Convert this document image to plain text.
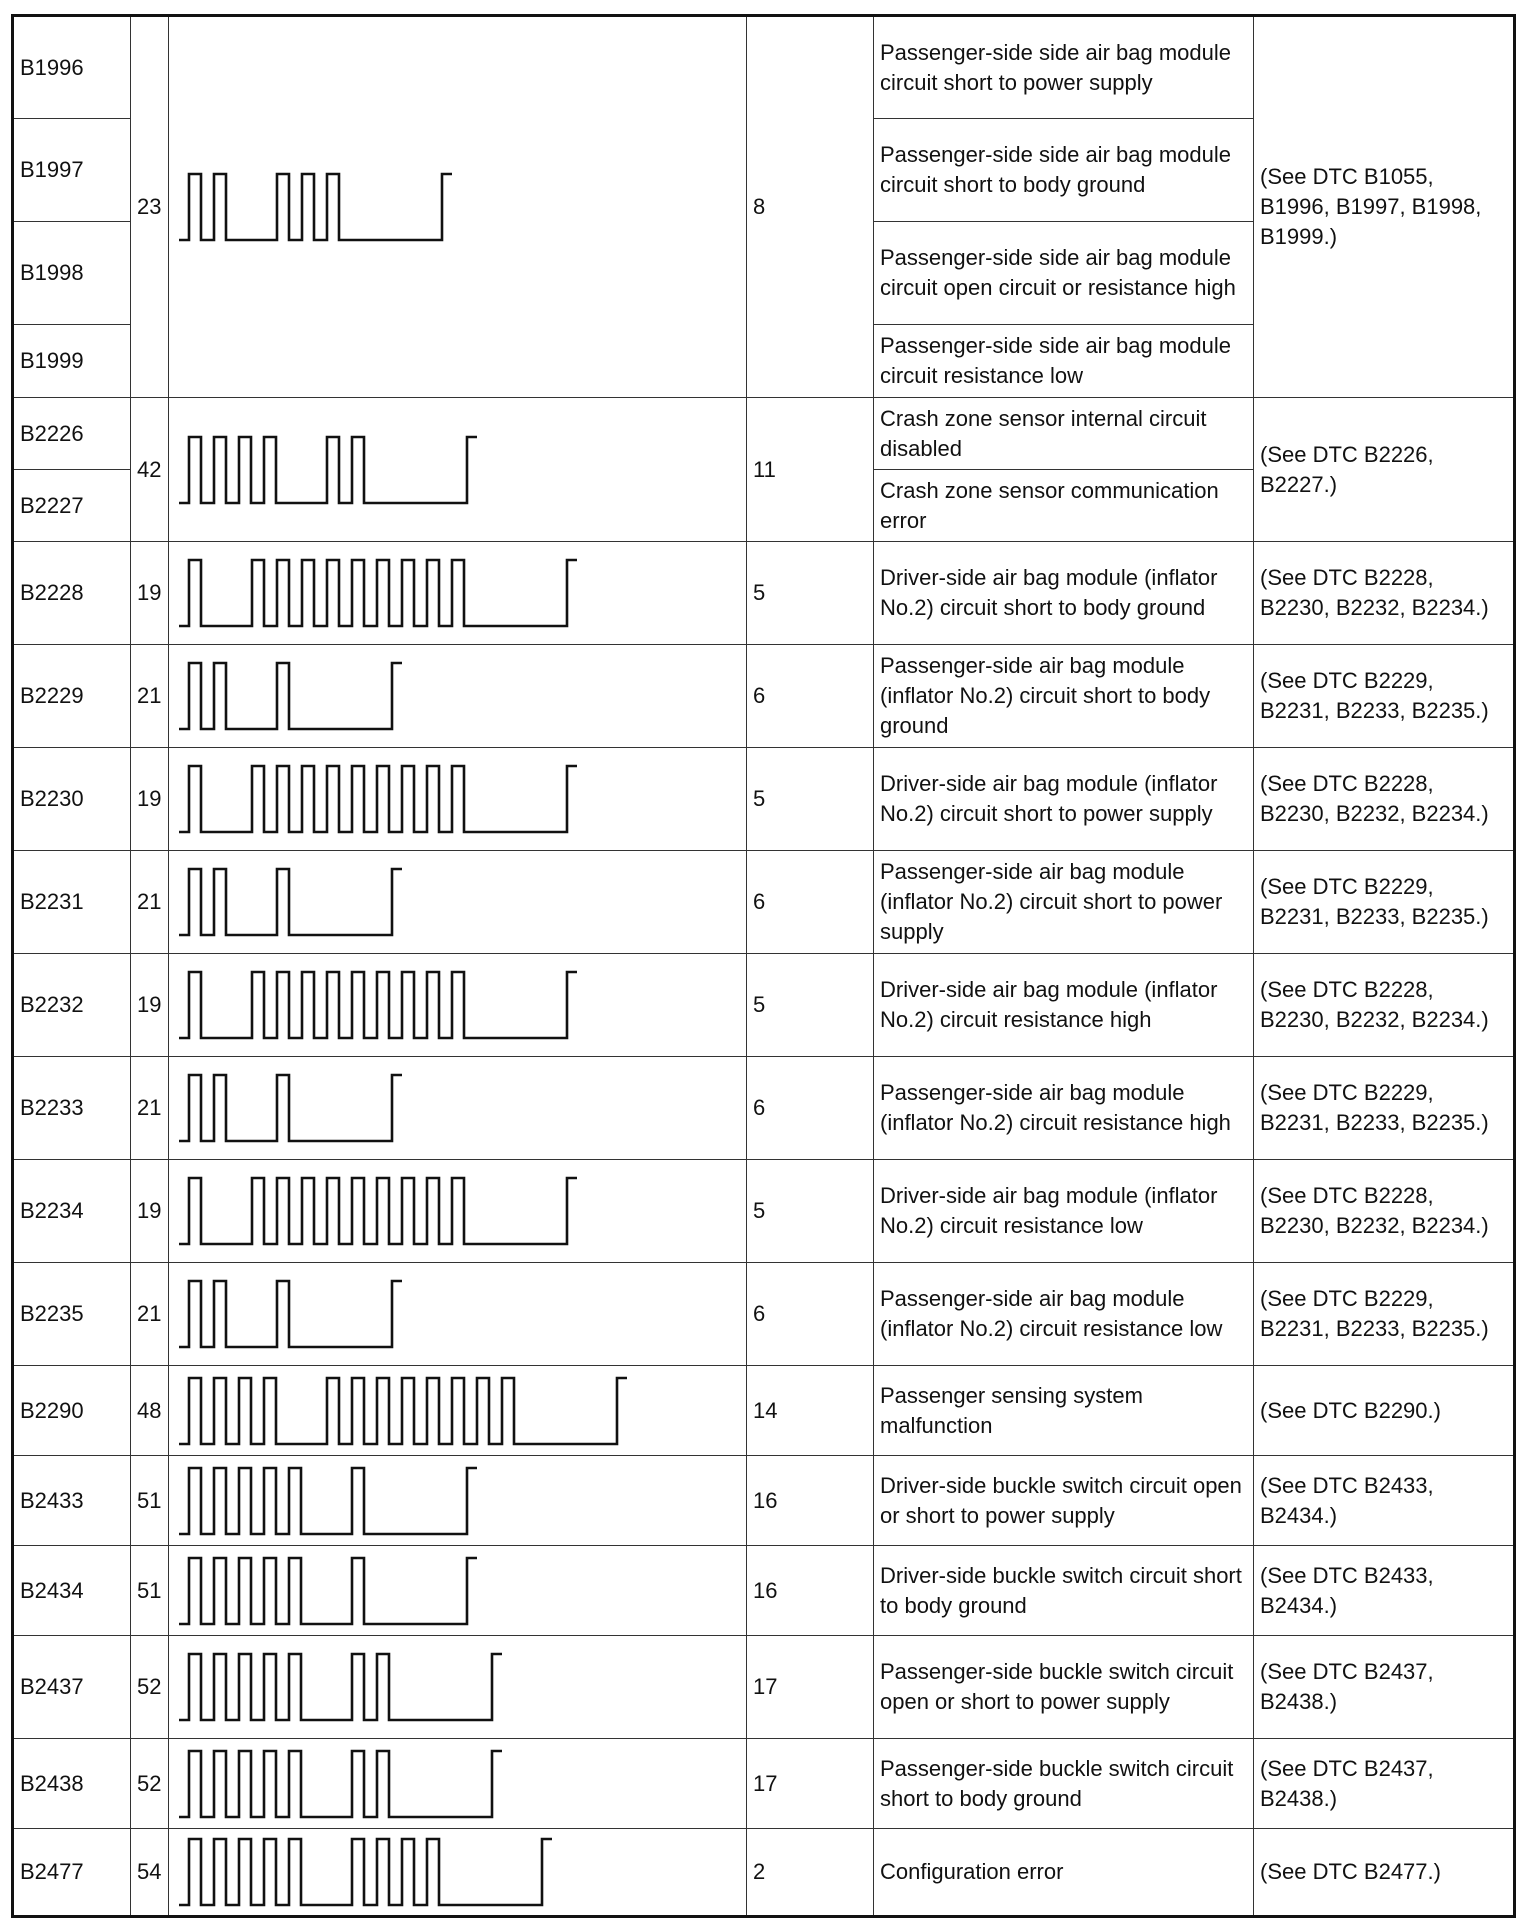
B1996	23		8	Passenger-side side air bag module circuit short to power supply	(See DTC B1055, B1996, B1997, B1998, B1999.)
B1997				Passenger-side side air bag module circuit short to body ground	
B1998				Passenger-side side air bag module circuit open circuit or resistance high	
B1999				Passenger-side side air bag module circuit resistance low	
B2226	42		11	Crash zone sensor internal circuit disabled	(See DTC B2226, B2227.)
B2227				Crash zone sensor communication error	
B2228	19		5	Driver-side air bag module (inflator No.2) circuit short to body ground	(See DTC B2228, B2230, B2232, B2234.)
B2229	21		6	Passenger-side air bag module (inflator No.2) circuit short to body ground	(See DTC B2229, B2231, B2233, B2235.)
B2230	19		5	Driver-side air bag module (inflator No.2) circuit short to power supply	(See DTC B2228, B2230, B2232, B2234.)
B2231	21		6	Passenger-side air bag module (inflator No.2) circuit short to power supply	(See DTC B2229, B2231, B2233, B2235.)
B2232	19		5	Driver-side air bag module (inflator No.2) circuit resistance high	(See DTC B2228, B2230, B2232, B2234.)
B2233	21		6	Passenger-side air bag module (inflator No.2) circuit resistance high	(See DTC B2229, B2231, B2233, B2235.)
B2234	19		5	Driver-side air bag module (inflator No.2) circuit resistance low	(See DTC B2228, B2230, B2232, B2234.)
B2235	21		6	Passenger-side air bag module (inflator No.2) circuit resistance low	(See DTC B2229, B2231, B2233, B2235.)
B2290	48		14	Passenger sensing system malfunction	(See DTC B2290.)
B2433	51		16	Driver-side buckle switch circuit open or short to power supply	(See DTC B2433, B2434.)
B2434	51		16	Driver-side buckle switch circuit short to body ground	(See DTC B2433, B2434.)
B2437	52		17	Passenger-side buckle switch circuit open or short to power supply	(See DTC B2437, B2438.)
B2438	52		17	Passenger-side buckle switch circuit short to body ground	(See DTC B2437, B2438.)
B2477	54		2	Configuration error	(See DTC B2477.)
